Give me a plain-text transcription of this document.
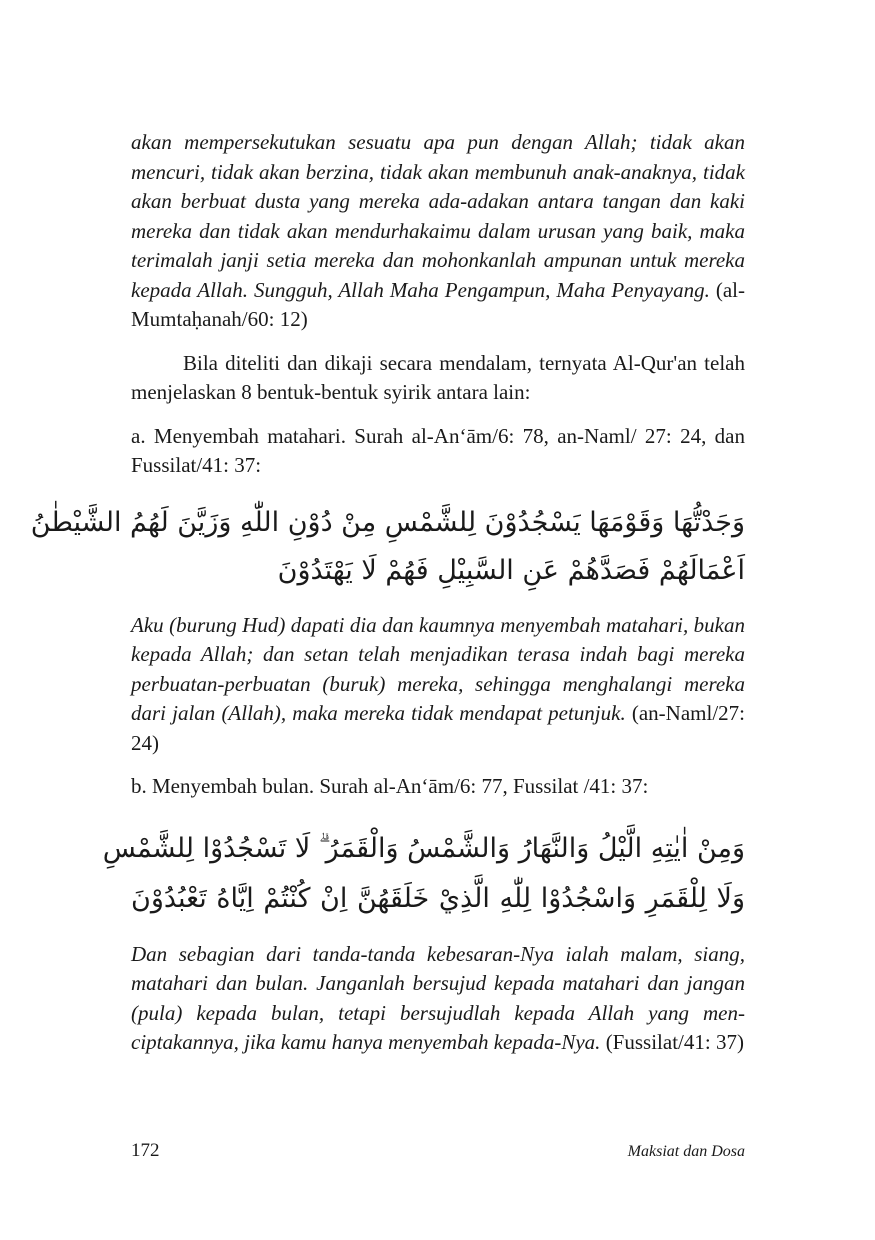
akan mempersekutukan sesuatu apa pun dengan Allah; tidak akan mencuri, tidak akan berzina, tidak akan membunuh anak-anaknya, tidak akan berbuat dusta yang mereka ada-adakan antara tangan dan kaki mereka dan tidak akan mendurhakaimu dalam urusan yang baik, maka terimalah janji setia mereka dan mohonkanlah ampunan untuk mereka kepada Allah. Sungguh, Allah Maha Pengampun, Maha Penyayang. (al-Mumtaḥanah/60: 12)

Bila diteliti dan dikaji secara mendalam, ternyata Al-Qur'an telah menjelaskan 8 bentuk-bentuk syirik antara lain:

a. Menyembah matahari. Surah al-An‘ām/6: 78, an-Naml/ 27: 24, dan Fussilat/41: 37:

وَجَدْتُّهَا وَقَوْمَهَا يَسْجُدُوْنَ لِلشَّمْسِ مِنْ دُوْنِ اللّٰهِ وَزَيَّنَ لَهُمُ الشَّيْطٰنُ

اَعْمَالَهُمْ فَصَدَّهُمْ عَنِ السَّبِيْلِ فَهُمْ لَا يَهْتَدُوْنَ

Aku (burung Hud) dapati dia dan kaumnya menyembah matahari, bukan kepada Allah; dan setan telah menjadikan terasa indah bagi mereka perbuatan-perbuatan (buruk) mereka, sehingga menghalangi mereka dari jalan (Allah), maka mereka tidak mendapat petunjuk. (an-Naml/27: 24)

b. Menyembah bulan. Surah al-An‘ām/6: 77, Fussilat /41: 37:

وَمِنْ اٰيٰتِهِ الَّيْلُ وَالنَّهَارُ وَالشَّمْسُ وَالْقَمَرُ ۗ لَا تَسْجُدُوْا لِلشَّمْسِ

وَلَا لِلْقَمَرِ وَاسْجُدُوْا لِلّٰهِ الَّذِيْ خَلَقَهُنَّ اِنْ كُنْتُمْ اِيَّاهُ تَعْبُدُوْنَ

Dan sebagian dari tanda-tanda kebesaran-Nya ialah malam, siang, matahari dan bulan. Janganlah bersujud kepada matahari dan jangan (pula) kepada bulan, tetapi bersujudlah kepada Allah yang men-ciptakannya, jika kamu hanya menyembah kepada-Nya. (Fussilat/41: 37)

172	Maksiat dan Dosa
